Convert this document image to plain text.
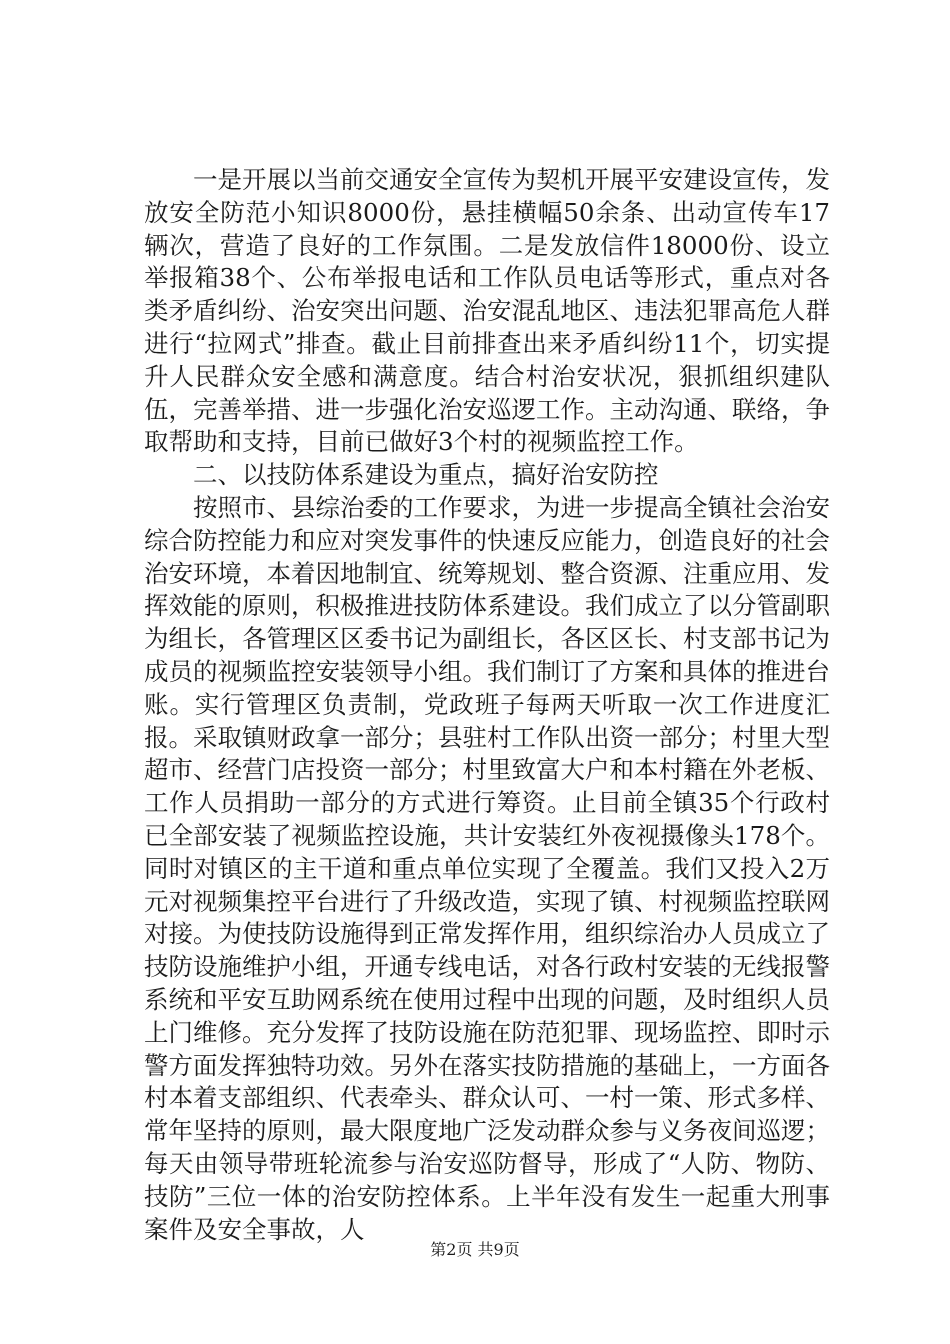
一是开展以当前交通安全宣传为契机开展平安建设宣传，发放安全防范小知识8000份，悬挂横幅50余条、出动宣传车17辆次，营造了良好的工作氛围。二是发放信件18000份、设立举报箱38个、公布举报电话和工作队员电话等形式，重点对各类矛盾纠纷、治安突出问题、治安混乱地区、违法犯罪高危人群进行“拉网式”排查。截止目前排查出来矛盾纠纷11个，切实提升人民群众安全感和满意度。结合村治安状况，狠抓组织建队伍，完善举措、进一步强化治安巡逻工作。主动沟通、联络，争取帮助和支持，目前已做好3个村的视频监控工作。

二、以技防体系建设为重点，搞好治安防控

按照市、县综治委的工作要求，为进一步提高全镇社会治安综合防控能力和应对突发事件的快速反应能力，创造良好的社会治安环境，本着因地制宜、统筹规划、整合资源、注重应用、发挥效能的原则，积极推进技防体系建设。我们成立了以分管副职为组长，各管理区区委书记为副组长，各区区长、村支部书记为成员的视频监控安装领导小组。我们制订了方案和具体的推进台账。实行管理区负责制，党政班子每两天听取一次工作进度汇报。采取镇财政拿一部分；县驻村工作队出资一部分；村里大型超市、经营门店投资一部分；村里致富大户和本村籍在外老板、工作人员捐助一部分的方式进行筹资。止目前全镇35个行政村已全部安装了视频监控设施，共计安装红外夜视摄像头178个。同时对镇区的主干道和重点单位实现了全覆盖。我们又投入2万元对视频集控平台进行了升级改造，实现了镇、村视频监控联网对接。为使技防设施得到正常发挥作用，组织综治办人员成立了技防设施维护小组，开通专线电话，对各行政村安装的无线报警系统和平安互助网系统在使用过程中出现的问题，及时组织人员上门维修。充分发挥了技防设施在防范犯罪、现场监控、即时示警方面发挥独特功效。另外在落实技防措施的基础上，一方面各村本着支部组织、代表牵头、群众认可、一村一策、形式多样、常年坚持的原则，最大限度地广泛发动群众参与义务夜间巡逻；每天由领导带班轮流参与治安巡防督导，形成了“人防、物防、技防”三位一体的治安防控体系。上半年没有发生一起重大刑事案件及安全事故，人

第2页 共9页
